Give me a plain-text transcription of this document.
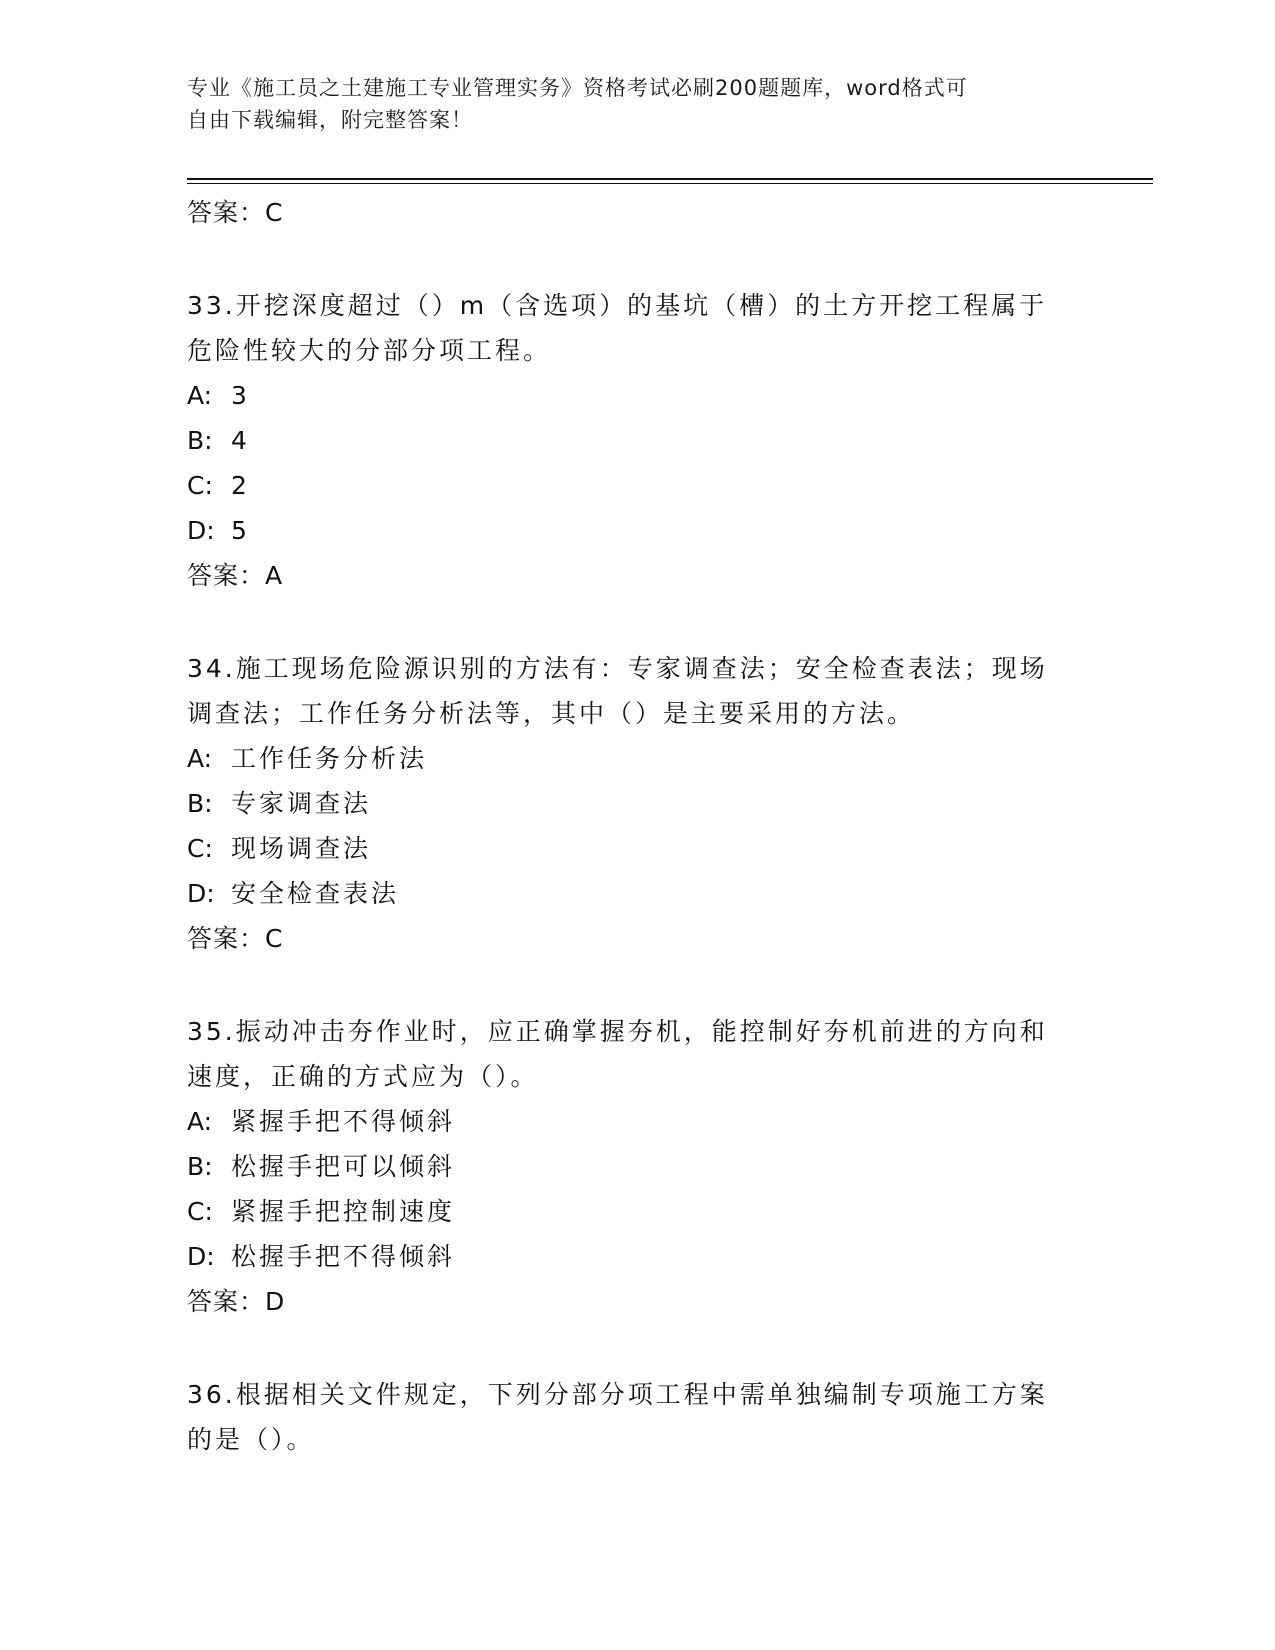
专业《施工员之土建施工专业管理实务》资格考试必刷200题题库，word格式可
自由下载编辑，附完整答案！
答案：C
33.开挖深度超过（）m（含选项）的基坑（槽）的土方开挖工程属于
危险性较大的分部分项工程。
A: 3
B: 4
C: 2
D: 5
答案：A
34.施工现场危险源识别的方法有：专家调查法；安全检查表法；现场
调查法；工作任务分析法等，其中（）是主要采用的方法。
A: 工作任务分析法
B: 专家调查法
C: 现场调查法
D: 安全检查表法
答案：C
35.振动冲击夯作业时，应正确掌握夯机，能控制好夯机前进的方向和
速度，正确的方式应为（）。
A: 紧握手把不得倾斜
B: 松握手把可以倾斜
C: 紧握手把控制速度
D: 松握手把不得倾斜
答案：D
36.根据相关文件规定，下列分部分项工程中需单独编制专项施工方案
的是（）。
